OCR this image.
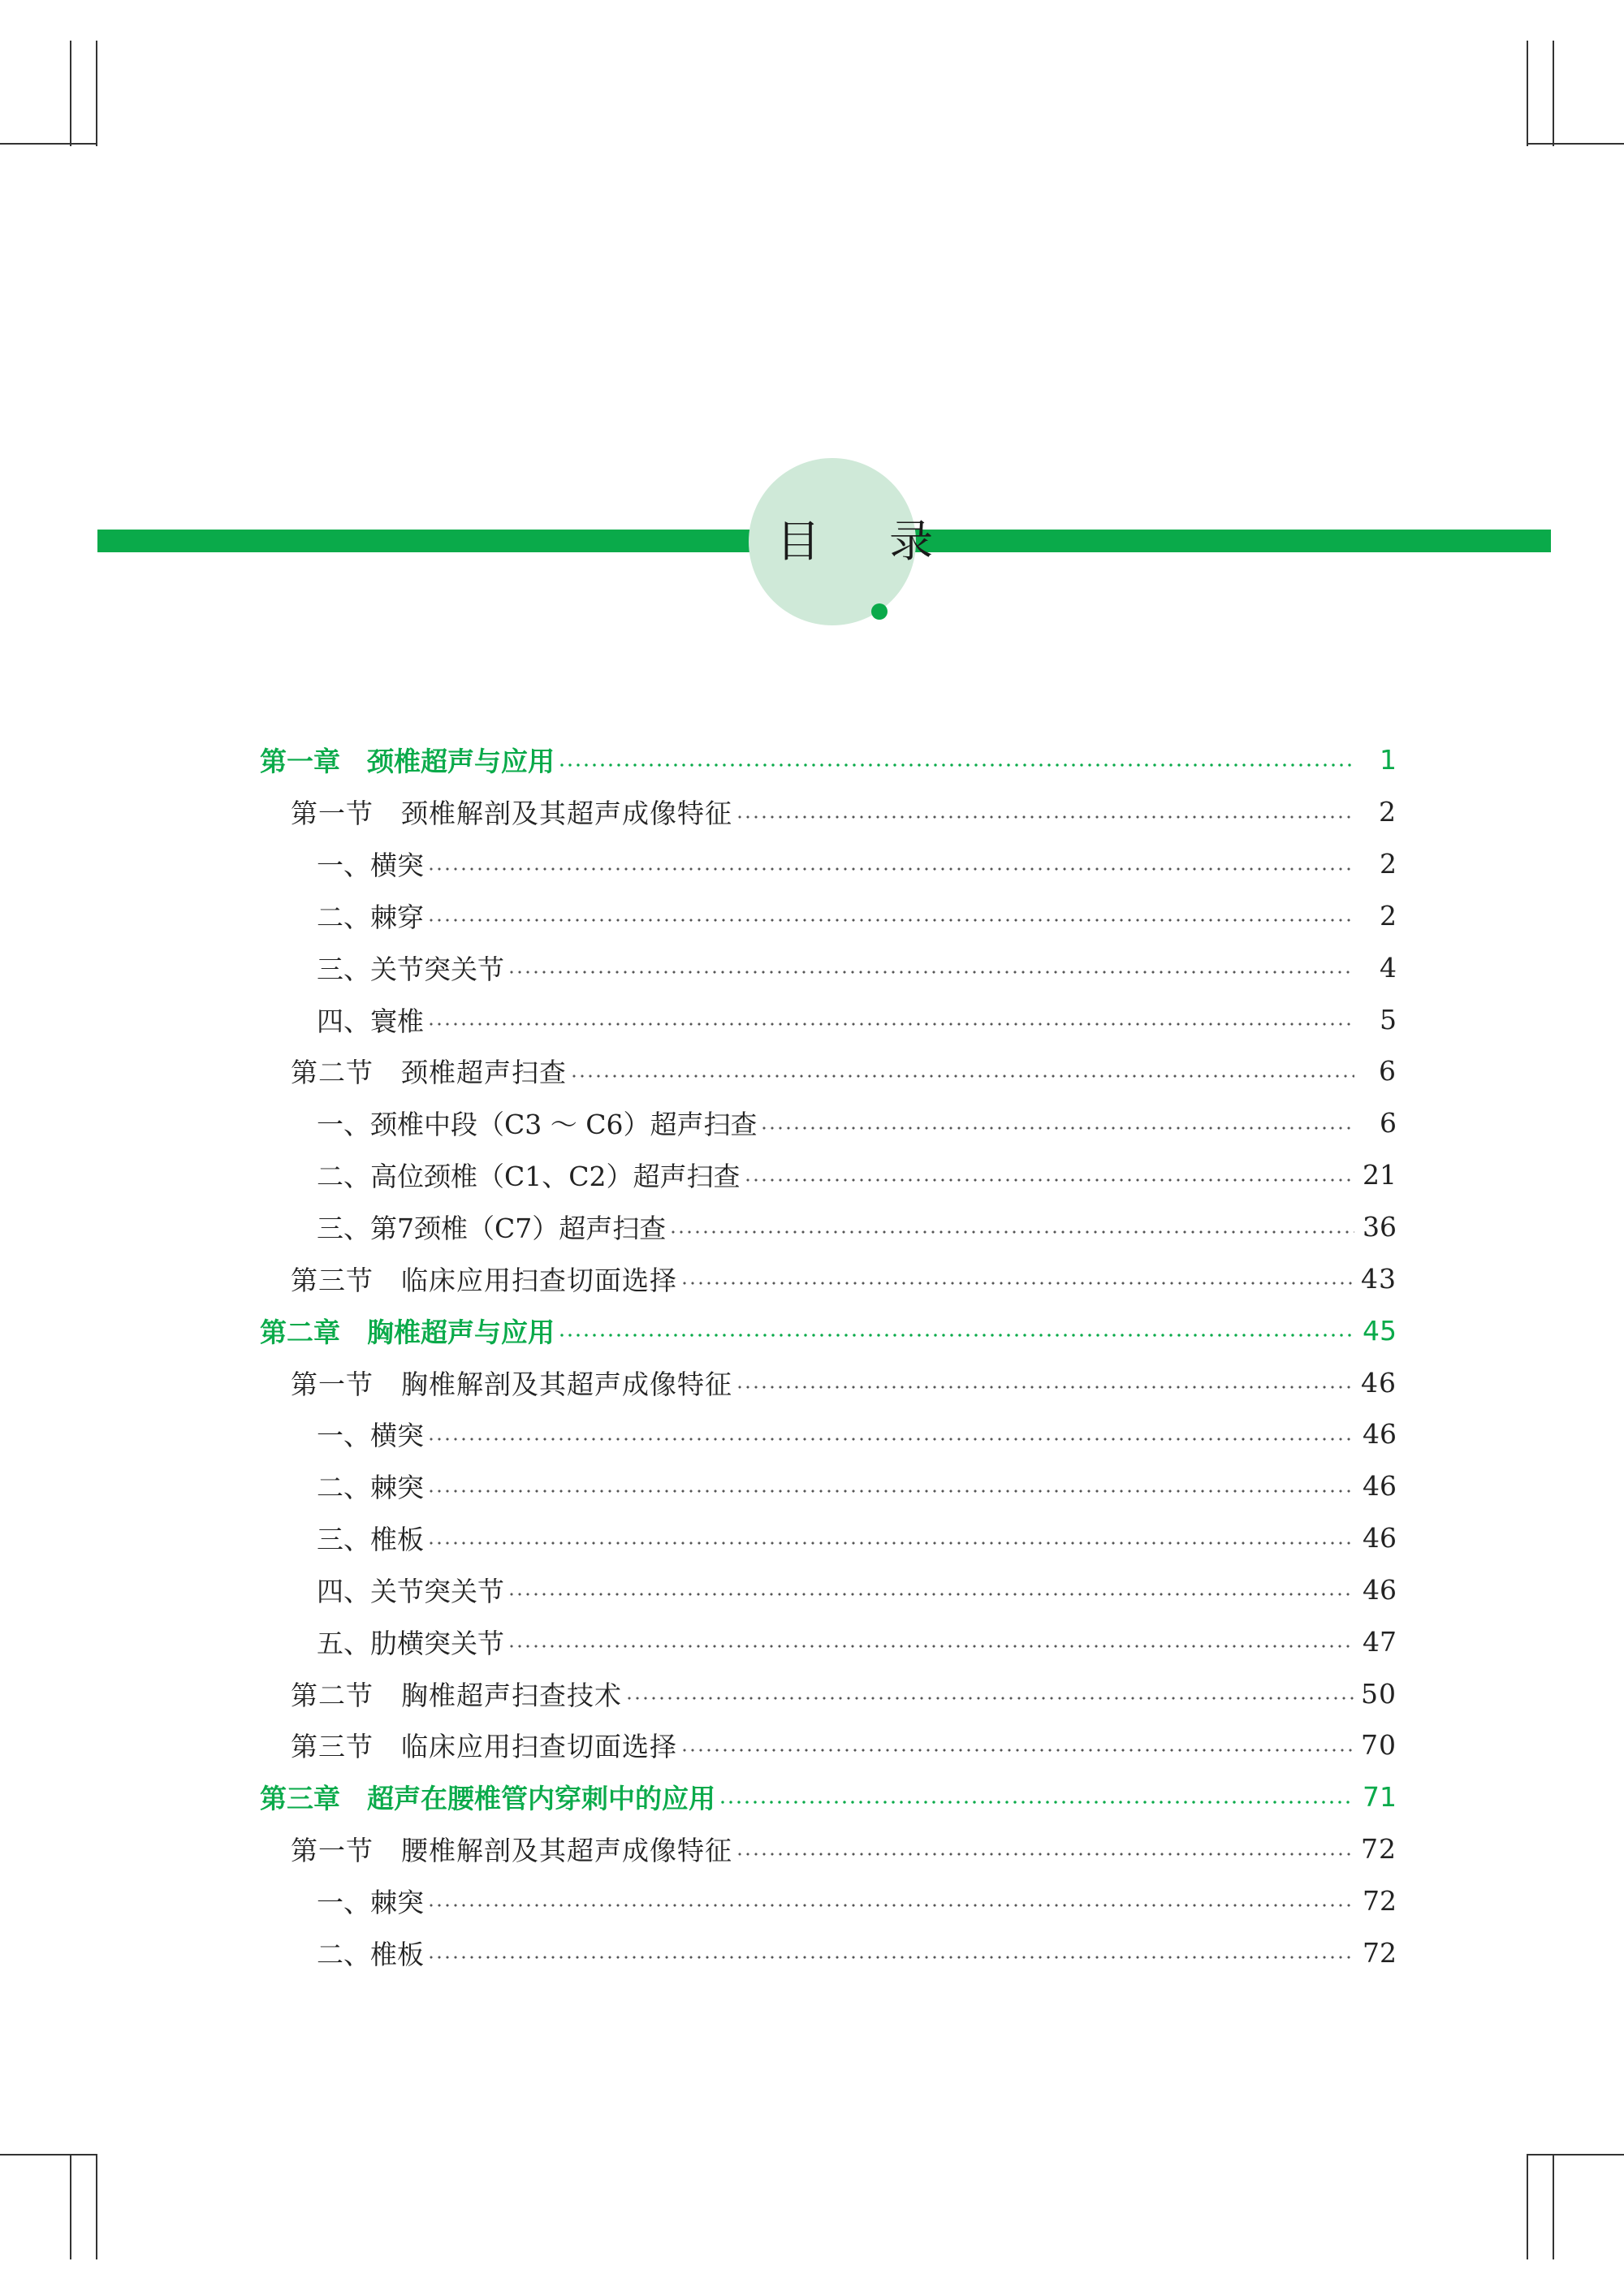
目 录
第一章　颈椎超声与应用	1
第一节　颈椎解剖及其超声成像特征	2
一、横突	2
二、棘穿	2
三、关节突关节	4
四、寰椎	5
第二节　颈椎超声扫查	6
一、颈椎中段（C3 ～ C6）超声扫查	6
二、高位颈椎（C1、C2）超声扫查	21
三、第7颈椎（C7）超声扫查	36
第三节　临床应用扫查切面选择	43
第二章　胸椎超声与应用	45
第一节　胸椎解剖及其超声成像特征	46
一、横突	46
二、棘突	46
三、椎板	46
四、关节突关节	46
五、肋横突关节	47
第二节　胸椎超声扫查技术	50
第三节　临床应用扫查切面选择	70
第三章　超声在腰椎管内穿刺中的应用	71
第一节　腰椎解剖及其超声成像特征	72
一、棘突	72
二、椎板	72
